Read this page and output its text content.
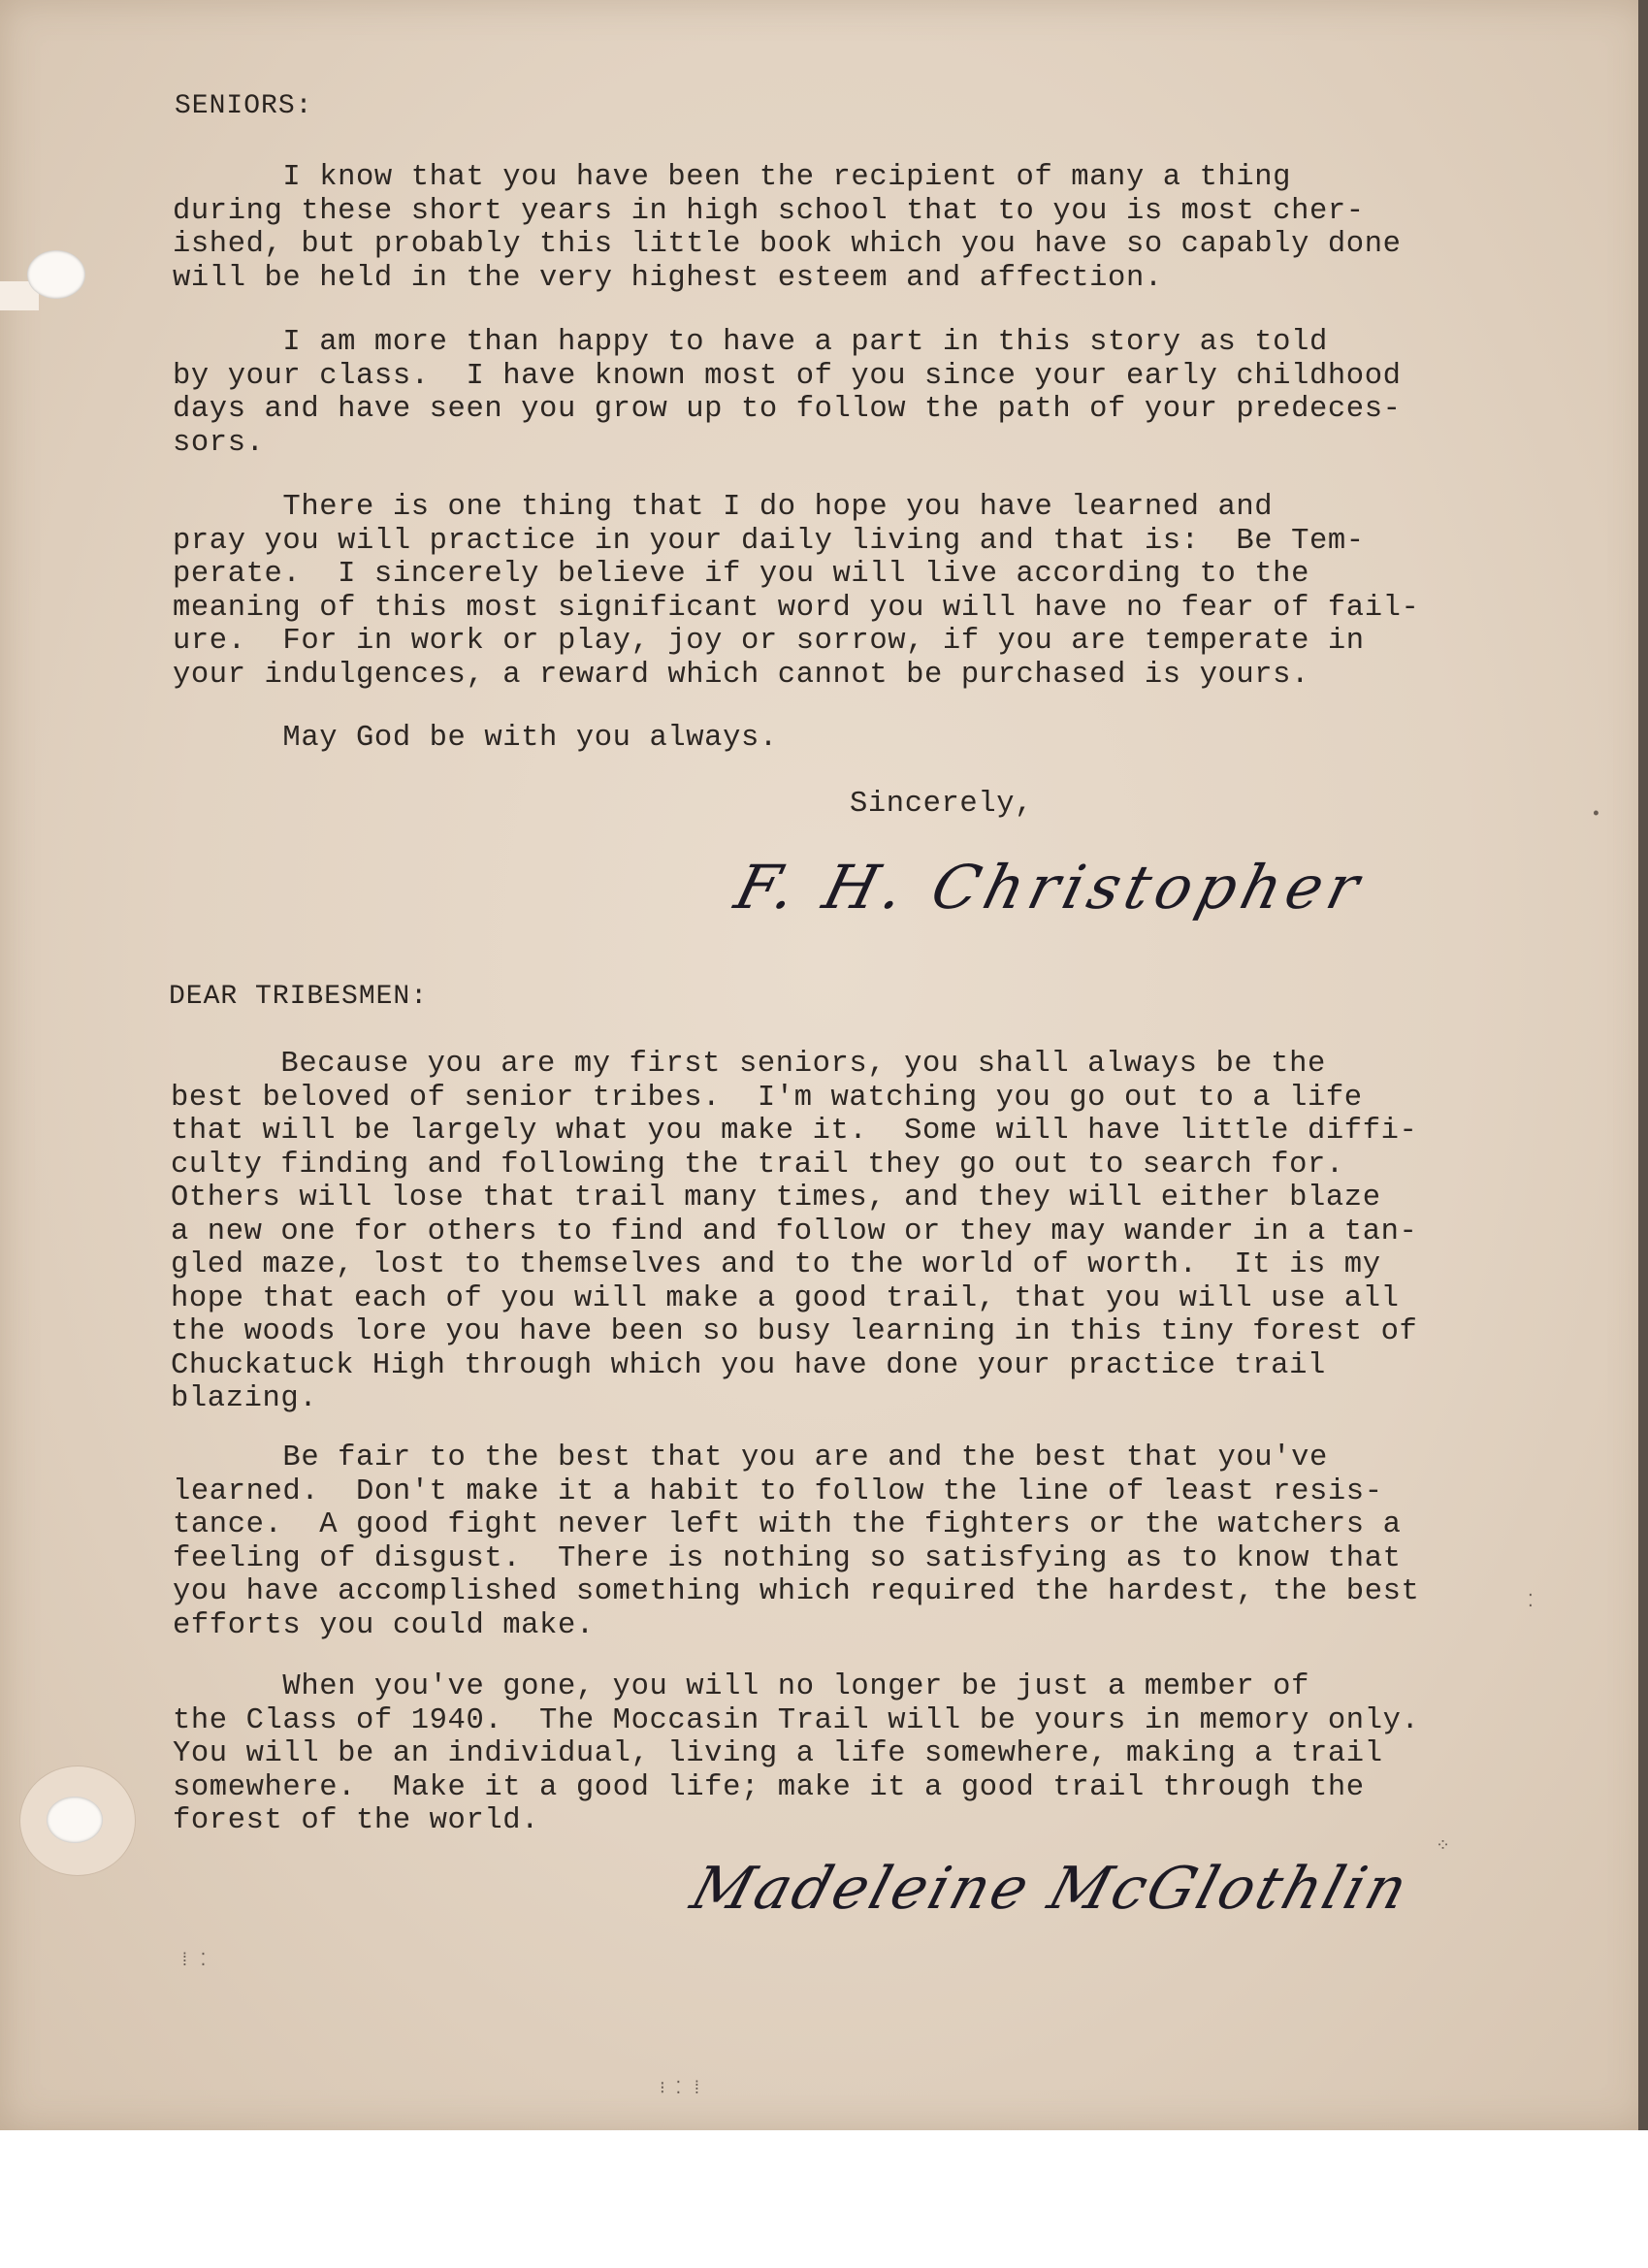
SENIORS:
I know that you have been the recipient of many a thing
during these short years in high school that to you is most cher-
ished, but probably this little book which you have so capably done
will be held in the very highest esteem and affection.
I am more than happy to have a part in this story as told
by your class.  I have known most of you since your early childhood
days and have seen you grow up to follow the path of your predeces-
sors.
There is one thing that I do hope you have learned and
pray you will practice in your daily living and that is:  Be Tem-
perate.  I sincerely believe if you will live according to the
meaning of this most significant word you will have no fear of fail-
ure.  For in work or play, joy or sorrow, if you are temperate in
your indulgences, a reward which cannot be purchased is yours.
May God be with you always.
Sincerely,
F. H. Christopher
DEAR TRIBESMEN:
Because you are my first seniors, you shall always be the
best beloved of senior tribes.  I'm watching you go out to a life
that will be largely what you make it.  Some will have little diffi-
culty finding and following the trail they go out to search for.
Others will lose that trail many times, and they will either blaze
a new one for others to find and follow or they may wander in a tan-
gled maze, lost to themselves and to the world of worth.  It is my
hope that each of you will make a good trail, that you will use all
the woods lore you have been so busy learning in this tiny forest of
Chuckatuck High through which you have done your practice trail
blazing.
Be fair to the best that you are and the best that you've
learned.  Don't make it a habit to follow the line of least resis-
tance.  A good fight never left with the fighters or the watchers a
feeling of disgust.  There is nothing so satisfying as to know that
you have accomplished something which required the hardest, the best
efforts you could make.
When you've gone, you will no longer be just a member of
the Class of 1940.  The Moccasin Trail will be yours in memory only.
You will be an individual, living a life somewhere, making a trail
somewhere.  Make it a good life; make it a good trail through the
forest of the world.
Madeleine McGlothlin
•
⁚
⁘
⁞ ⁚
⁝ ⁚ ⁞
